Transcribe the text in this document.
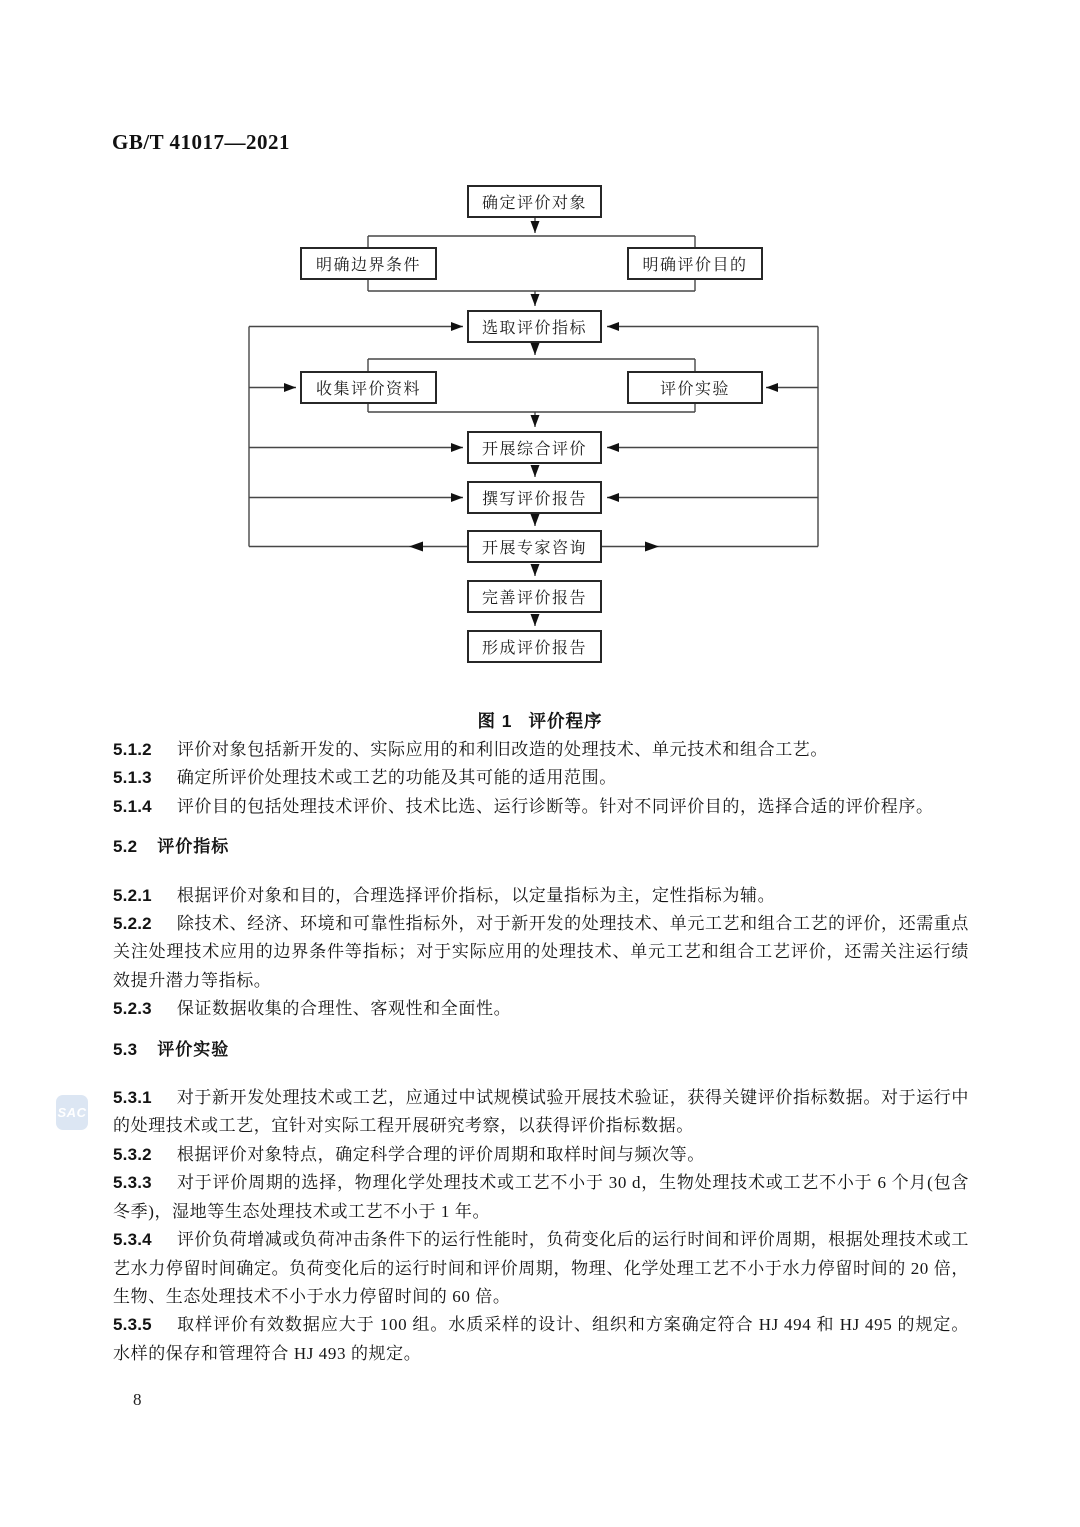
GB/T 41017—2021
确定评价对象
明确边界条件	明确评价目的
选取评价指标
收集评价资料	评价实验
开展综合评价
撰写评价报告
开展专家咨询
完善评价报告
形成评价报告
图 1 评价程序

5.1.2 评价对象包括新开发的、实际应用的和利旧改造的处理技术、单元技术和组合工艺。

5.1.3 确定所评价处理技术或工艺的功能及其可能的适用范围。

5.1.4 评价目的包括处理技术评价、技术比选、运行诊断等。针对不同评价目的，选择合适的评价程序。

5.2 评价指标

5.2.1 根据评价对象和目的，合理选择评价指标，以定量指标为主，定性指标为辅。

5.2.2 除技术、经济、环境和可靠性指标外，对于新开发的处理技术、单元工艺和组合工艺的评价，还需重点关注处理技术应用的边界条件等指标；对于实际应用的处理技术、单元工艺和组合工艺评价，还需关注运行绩效提升潜力等指标。

5.2.3 保证数据收集的合理性、客观性和全面性。

5.3 评价实验

5.3.1 对于新开发处理技术或工艺，应通过中试规模试验开展技术验证，获得关键评价指标数据。对于运行中的处理技术或工艺，宜针对实际工程开展研究考察，以获得评价指标数据。

5.3.2 根据评价对象特点，确定科学合理的评价周期和取样时间与频次等。

5.3.3 对于评价周期的选择，物理化学处理技术或工艺不小于 30 d，生物处理技术或工艺不小于 6 个月(包含冬季)，湿地等生态处理技术或工艺不小于 1 年。

5.3.4 评价负荷增减或负荷冲击条件下的运行性能时，负荷变化后的运行时间和评价周期，根据处理技术或工艺水力停留时间确定。负荷变化后的运行时间和评价周期，物理、化学处理工艺不小于水力停留时间的 20 倍，生物、生态处理技术不小于水力停留时间的 60 倍。

5.3.5 取样评价有效数据应大于 100 组。水质采样的设计、组织和方案确定符合 HJ 494 和 HJ 495 的规定。水样的保存和管理符合 HJ 493 的规定。

SAC
8
